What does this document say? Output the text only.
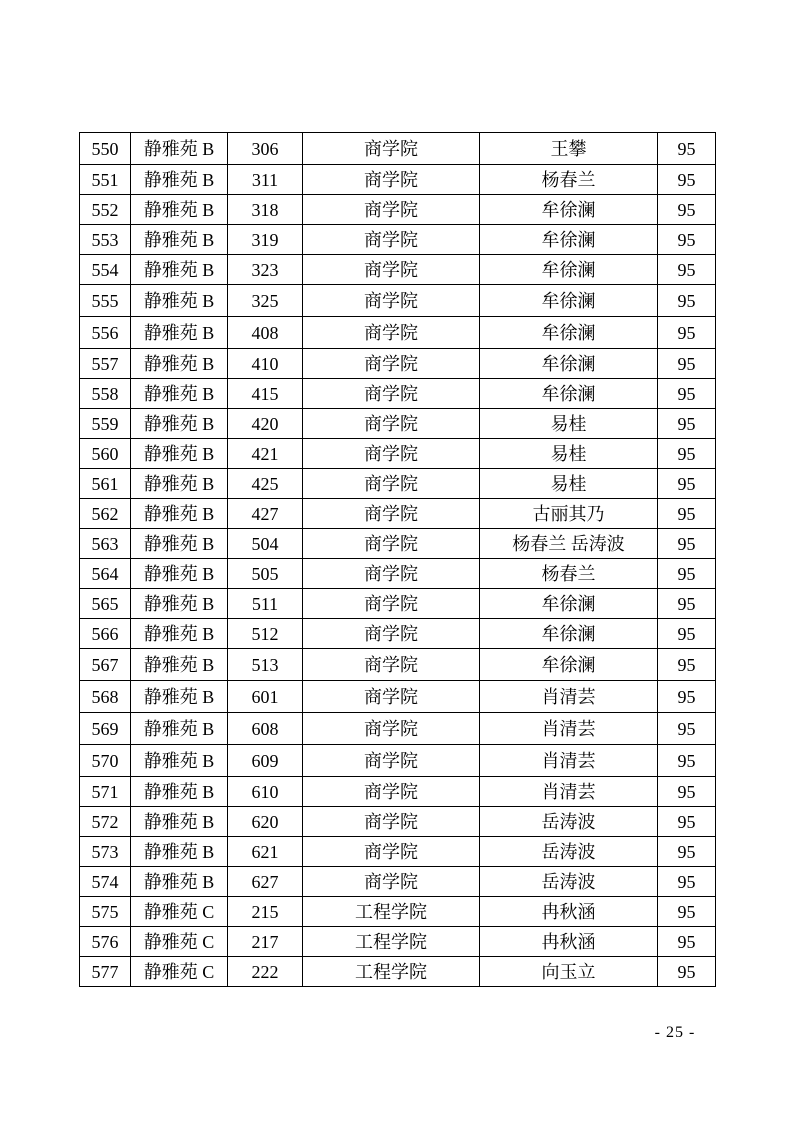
550	静雅苑 B	306	商学院	王攀	95
551	静雅苑 B	311	商学院	杨春兰	95
552	静雅苑 B	318	商学院	牟徐澜	95
553	静雅苑 B	319	商学院	牟徐澜	95
554	静雅苑 B	323	商学院	牟徐澜	95
555	静雅苑 B	325	商学院	牟徐澜	95
556	静雅苑 B	408	商学院	牟徐澜	95
557	静雅苑 B	410	商学院	牟徐澜	95
558	静雅苑 B	415	商学院	牟徐澜	95
559	静雅苑 B	420	商学院	易桂	95
560	静雅苑 B	421	商学院	易桂	95
561	静雅苑 B	425	商学院	易桂	95
562	静雅苑 B	427	商学院	古丽其乃	95
563	静雅苑 B	504	商学院	杨春兰 岳涛波	95
564	静雅苑 B	505	商学院	杨春兰	95
565	静雅苑 B	511	商学院	牟徐澜	95
566	静雅苑 B	512	商学院	牟徐澜	95
567	静雅苑 B	513	商学院	牟徐澜	95
568	静雅苑 B	601	商学院	肖清芸	95
569	静雅苑 B	608	商学院	肖清芸	95
570	静雅苑 B	609	商学院	肖清芸	95
571	静雅苑 B	610	商学院	肖清芸	95
572	静雅苑 B	620	商学院	岳涛波	95
573	静雅苑 B	621	商学院	岳涛波	95
574	静雅苑 B	627	商学院	岳涛波	95
575	静雅苑 C	215	工程学院	冉秋涵	95
576	静雅苑 C	217	工程学院	冉秋涵	95
577	静雅苑 C	222	工程学院	向玉立	95
- 25 -
